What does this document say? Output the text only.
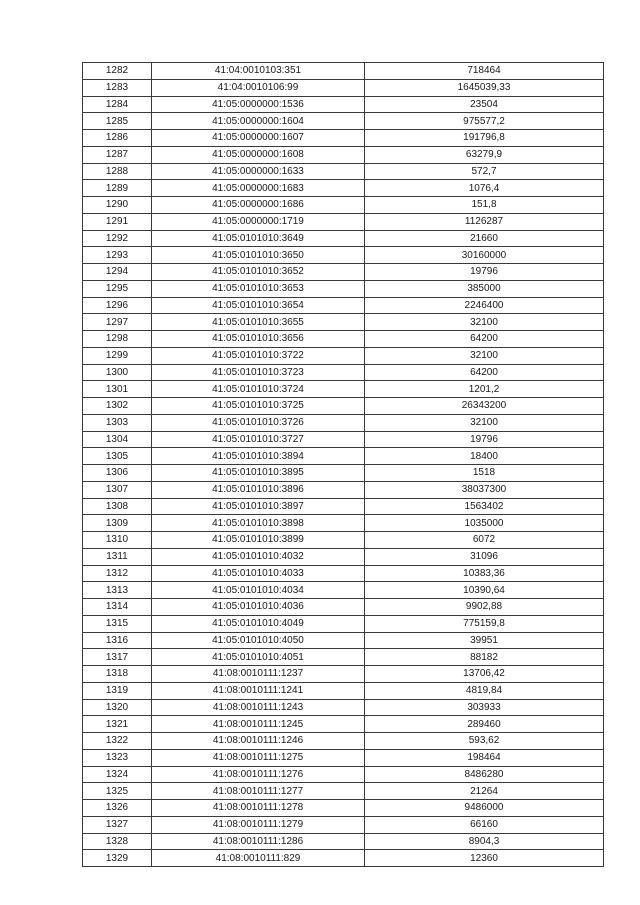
1282	41:04:0010103:351	718464
1283	41:04:0010106:99	1645039,33
1284	41:05:0000000:1536	23504
1285	41:05:0000000:1604	975577,2
1286	41:05:0000000:1607	191796,8
1287	41:05:0000000:1608	63279,9
1288	41:05:0000000:1633	572,7
1289	41:05:0000000:1683	1076,4
1290	41:05:0000000:1686	151,8
1291	41:05:0000000:1719	1126287
1292	41:05:0101010:3649	21660
1293	41:05:0101010:3650	30160000
1294	41:05:0101010:3652	19796
1295	41:05:0101010:3653	385000
1296	41:05:0101010:3654	2246400
1297	41:05:0101010:3655	32100
1298	41:05:0101010:3656	64200
1299	41:05:0101010:3722	32100
1300	41:05:0101010:3723	64200
1301	41:05:0101010:3724	1201,2
1302	41:05:0101010:3725	26343200
1303	41:05:0101010:3726	32100
1304	41:05:0101010:3727	19796
1305	41:05:0101010:3894	18400
1306	41:05:0101010:3895	1518
1307	41:05:0101010:3896	38037300
1308	41:05:0101010:3897	1563402
1309	41:05:0101010:3898	1035000
1310	41:05:0101010:3899	6072
1311	41:05:0101010:4032	31096
1312	41:05:0101010:4033	10383,36
1313	41:05:0101010:4034	10390,64
1314	41:05:0101010:4036	9902,88
1315	41:05:0101010:4049	775159,8
1316	41:05:0101010:4050	39951
1317	41:05:0101010:4051	88182
1318	41:08:0010111:1237	13706,42
1319	41:08:0010111:1241	4819,84
1320	41:08:0010111:1243	303933
1321	41:08:0010111:1245	289460
1322	41:08:0010111:1246	593,62
1323	41:08:0010111:1275	198464
1324	41:08:0010111:1276	8486280
1325	41:08:0010111:1277	21264
1326	41:08:0010111:1278	9486000
1327	41:08:0010111:1279	66160
1328	41:08:0010111:1286	8904,3
1329	41:08:0010111:829	12360
